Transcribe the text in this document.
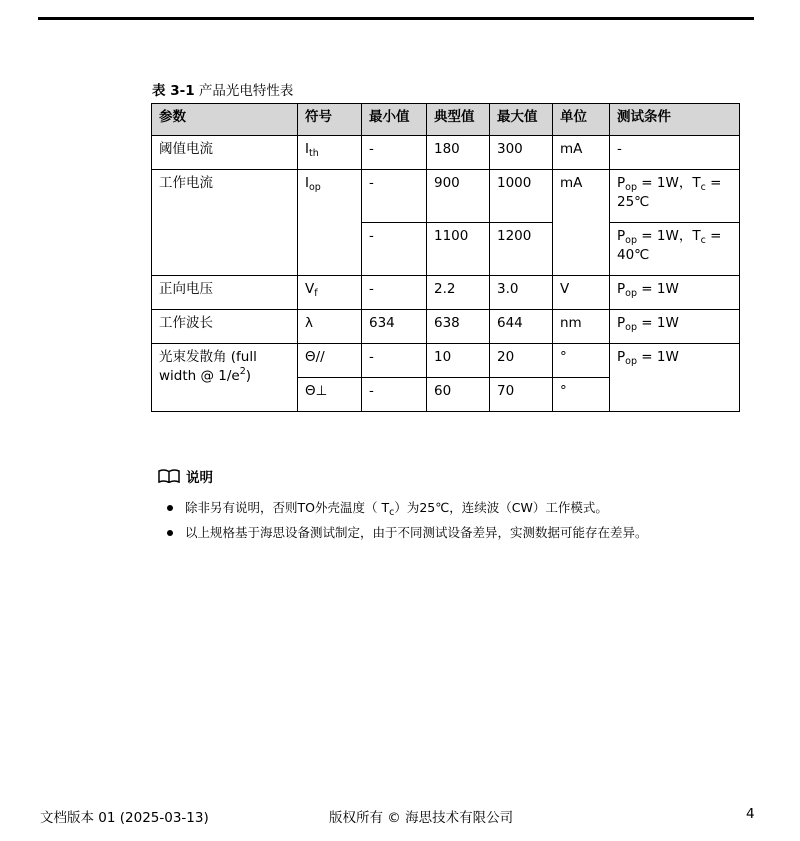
表 3-1 产品光电特性表
参数	符号	最小值	典型值	最大值	单位	测试条件
阈值电流	$I_{th}$	-	180	300	mA	-
工作电流	$I_{op}$	-	900	1000	mA	$P_{op} = 1W$，$T_c$ = 25℃
		-	1100	1200		$P_{op} = 1W$，$T_c$ = 40℃
正向电压	$V_f$	-	2.2	3.0	V	$P_{op} = 1W$
工作波长	λ	634	638	644	nm	$P_{op} = 1W$
光束发散角 (full
width @ $1/e^2$)	Θ//	-	10	20	°	$P_{op} = 1W$
	Θ⊥	-	60	70	°	
说明
除非另有说明，否则TO外壳温度（ $T_c$）为25℃，连续波（CW）工作模式。
以上规格基于海思设备测试制定，由于不同测试设备差异，实测数据可能存在差异。
文档版本 01 (2025-03-13)	版权所有 © 海思技术有限公司	4
